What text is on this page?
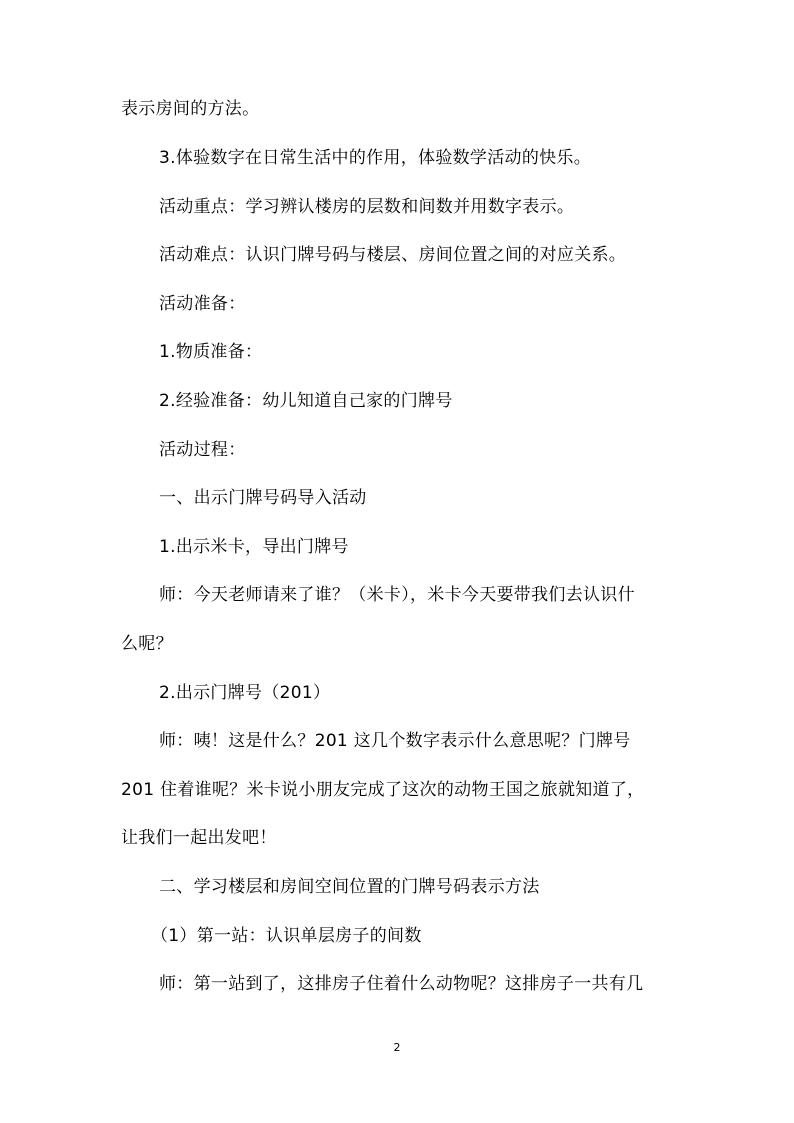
表示房间的方法。
3.体验数字在日常生活中的作用，体验数学活动的快乐。
活动重点：学习辨认楼房的层数和间数并用数字表示。
活动难点：认识门牌号码与楼层、房间位置之间的对应关系。
活动准备：
1.物质准备：
2.经验准备：幼儿知道自己家的门牌号
活动过程：
一、出示门牌号码导入活动
1.出示米卡，导出门牌号
师：今天老师请来了谁？（米卡），米卡今天要带我们去认识什
么呢？
2.出示门牌号（201）
师：咦！这是什么？201 这几个数字表示什么意思呢？门牌号
201 住着谁呢？米卡说小朋友完成了这次的动物王国之旅就知道了，
让我们一起出发吧！
二、学习楼层和房间空间位置的门牌号码表示方法
（1）第一站：认识单层房子的间数
师：第一站到了，这排房子住着什么动物呢？这排房子一共有几
2
